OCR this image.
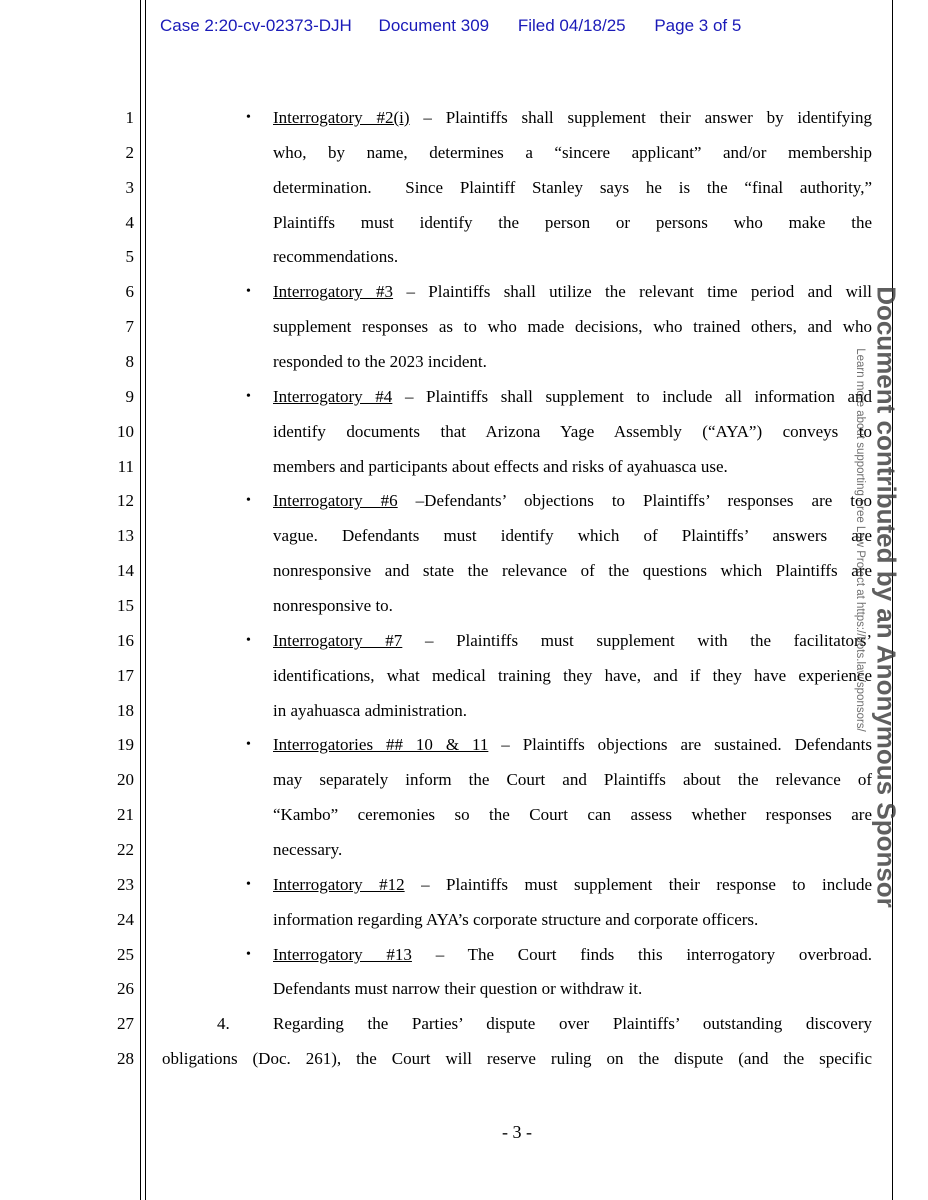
Case 2:20-cv-02373-DJH Document 309 Filed 04/18/25 Page 3 of 5
1
2
3
4
5
6
7
8
9
10
11
12
13
14
15
16
17
18
19
20
21
22
23
24
25
26
27
28
• Interrogatory #2(i) – Plaintiffs shall supplement their answer by identifying
who, by name, determines a “sincere applicant” and/or membership
determination.  Since Plaintiff Stanley says he is the “final authority,”
Plaintiffs must identify the person or persons who make the
recommendations.
• Interrogatory #3 – Plaintiffs shall utilize the relevant time period and will
supplement responses as to who made decisions, who trained others, and who
responded to the 2023 incident.
• Interrogatory #4 – Plaintiffs shall supplement to include all information and
identify documents that Arizona Yage Assembly (“AYA”) conveys to
members and participants about effects and risks of ayahuasca use.
• Interrogatory #6 –Defendants’ objections to Plaintiffs’ responses are too
vague. Defendants must identify which of Plaintiffs’ answers are
nonresponsive and state the relevance of the questions which Plaintiffs are
nonresponsive to.
• Interrogatory #7 – Plaintiffs must supplement with the facilitators’
identifications, what medical training they have, and if they have experience
in ayahuasca administration.
• Interrogatories ## 10 & 11 – Plaintiffs objections are sustained. Defendants
may separately inform the Court and Plaintiffs about the relevance of
“Kambo” ceremonies so the Court can assess whether responses are
necessary.
• Interrogatory #12 – Plaintiffs must supplement their response to include
information regarding AYA’s corporate structure and corporate officers.
• Interrogatory #13 – The Court finds this interrogatory overbroad.
Defendants must narrow their question or withdraw it.
4.	Regarding the Parties’ dispute over Plaintiffs’ outstanding discovery
obligations (Doc. 261), the Court will reserve ruling on the dispute (and the specific
- 3 -
Document contributed by an Anonymous Sponsor
Learn more about supporting Free Law Project at https://bots.law/sponsors/
